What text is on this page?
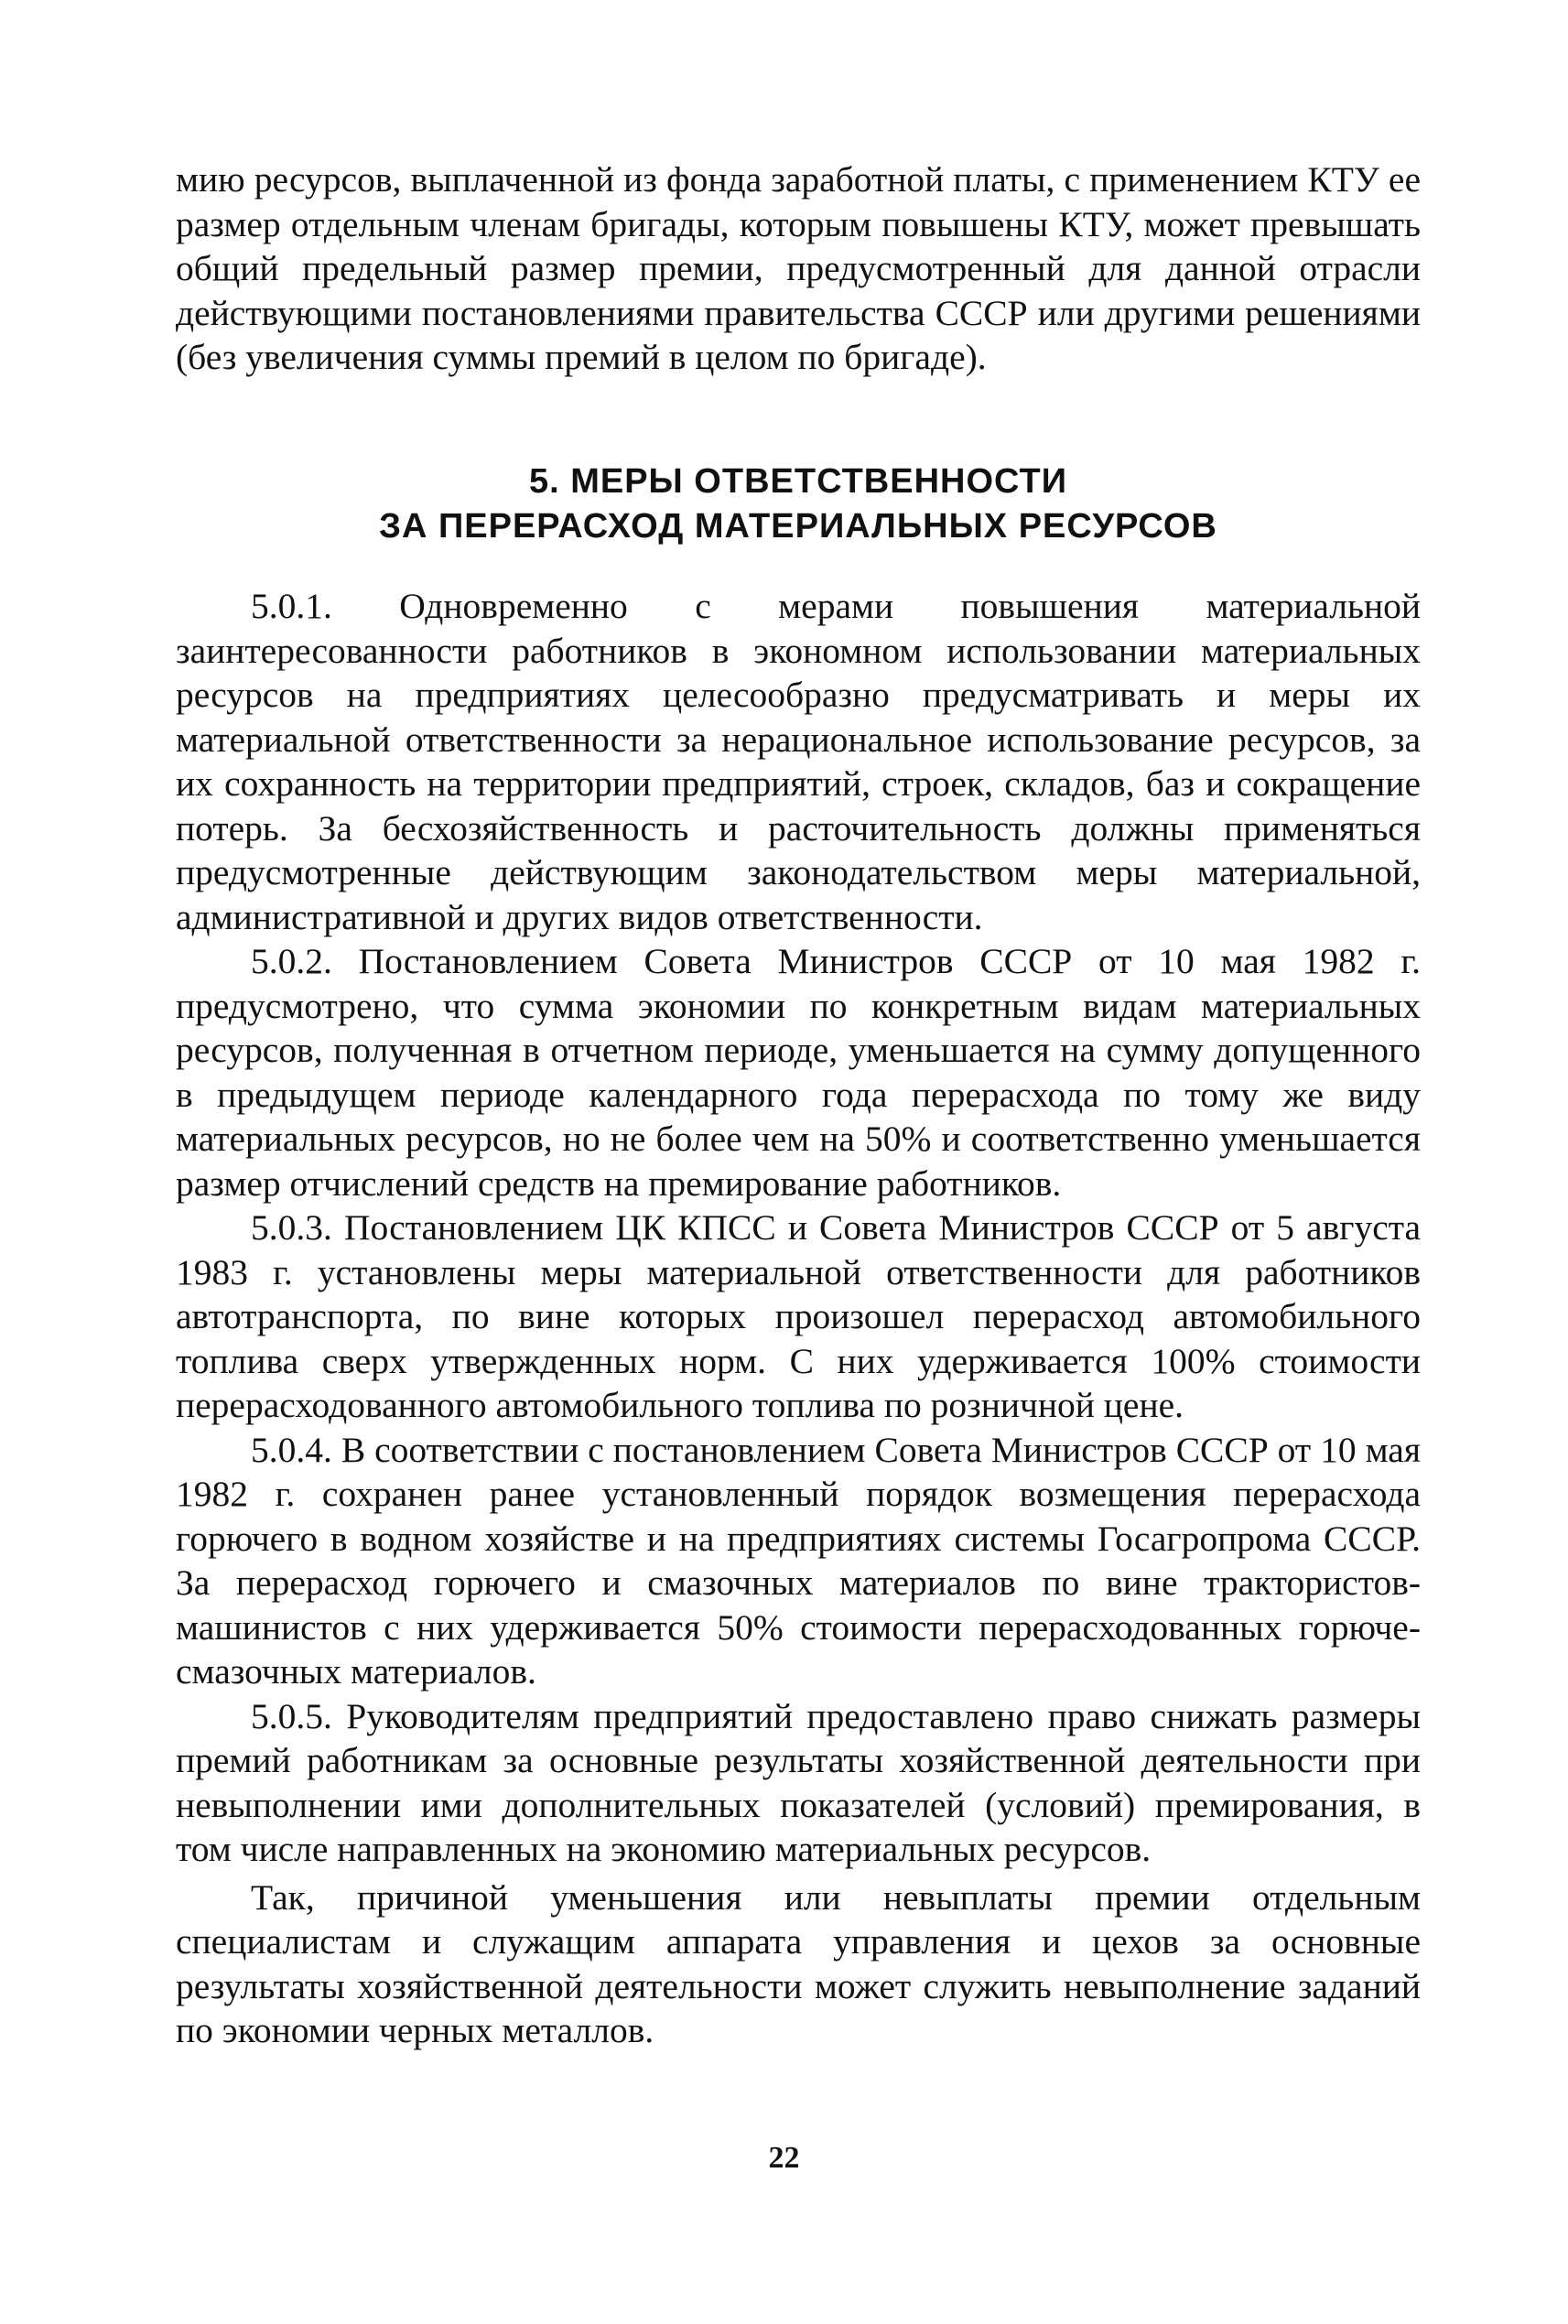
мию ресурсов, выплаченной из фонда заработной платы, с применением КТУ ее размер отдельным членам бригады, которым повышены КТУ, может превышать общий предельный размер премии, предусмотренный для данной отрасли действующими постановлениями правительства СССР или другими решениями (без увеличения суммы премий в целом по бригаде).

5. МЕРЫ ОТВЕТСТВЕННОСТИ
ЗА ПЕРЕРАСХОД МАТЕРИАЛЬНЫХ РЕСУРСОВ

5.0.1. Одновременно с мерами повышения материальной заинтересованности работников в экономном использовании материальных ресурсов на предприятиях целесообразно предусматривать и меры их материальной ответственности за нерациональное использование ресурсов, за их сохранность на территории предприятий, строек, складов, баз и сокращение потерь. За бесхозяйственность и расточительность должны применяться предусмотренные действующим законодательством меры материальной, административной и других видов ответственности.

5.0.2. Постановлением Совета Министров СССР от 10 мая 1982 г. предусмотрено, что сумма экономии по конкретным видам материальных ресурсов, полученная в отчетном периоде, уменьшается на сумму допущенного в предыдущем периоде календарного года перерасхода по тому же виду материальных ресурсов, но не более чем на 50% и соответственно уменьшается размер отчислений средств на премирование работников.

5.0.3. Постановлением ЦК КПСС и Совета Министров СССР от 5 августа 1983 г. установлены меры материальной ответственности для работников автотранспорта, по вине которых произошел перерасход автомобильного топлива сверх утвержденных норм. С них удерживается 100% стоимости перерасходованного автомобильного топлива по розничной цене.

5.0.4. В соответствии с постановлением Совета Министров СССР от 10 мая 1982 г. сохранен ранее установленный порядок возмещения перерасхода горючего в водном хозяйстве и на предприятиях системы Госагропрома СССР. За перерасход горючего и смазочных материалов по вине трактористов-машинистов с них удерживается 50% стоимости перерасходованных горюче-смазочных материалов.

5.0.5. Руководителям предприятий предоставлено право снижать размеры премий работникам за основные результаты хозяйственной деятельности при невыполнении ими дополнительных показателей (условий) премирования, в том числе направленных на экономию материальных ресурсов.

Так, причиной уменьшения или невыплаты премии отдельным специалистам и служащим аппарата управления и цехов за основные результаты хозяйственной деятельности может служить невыполнение заданий по экономии черных металлов.

22
